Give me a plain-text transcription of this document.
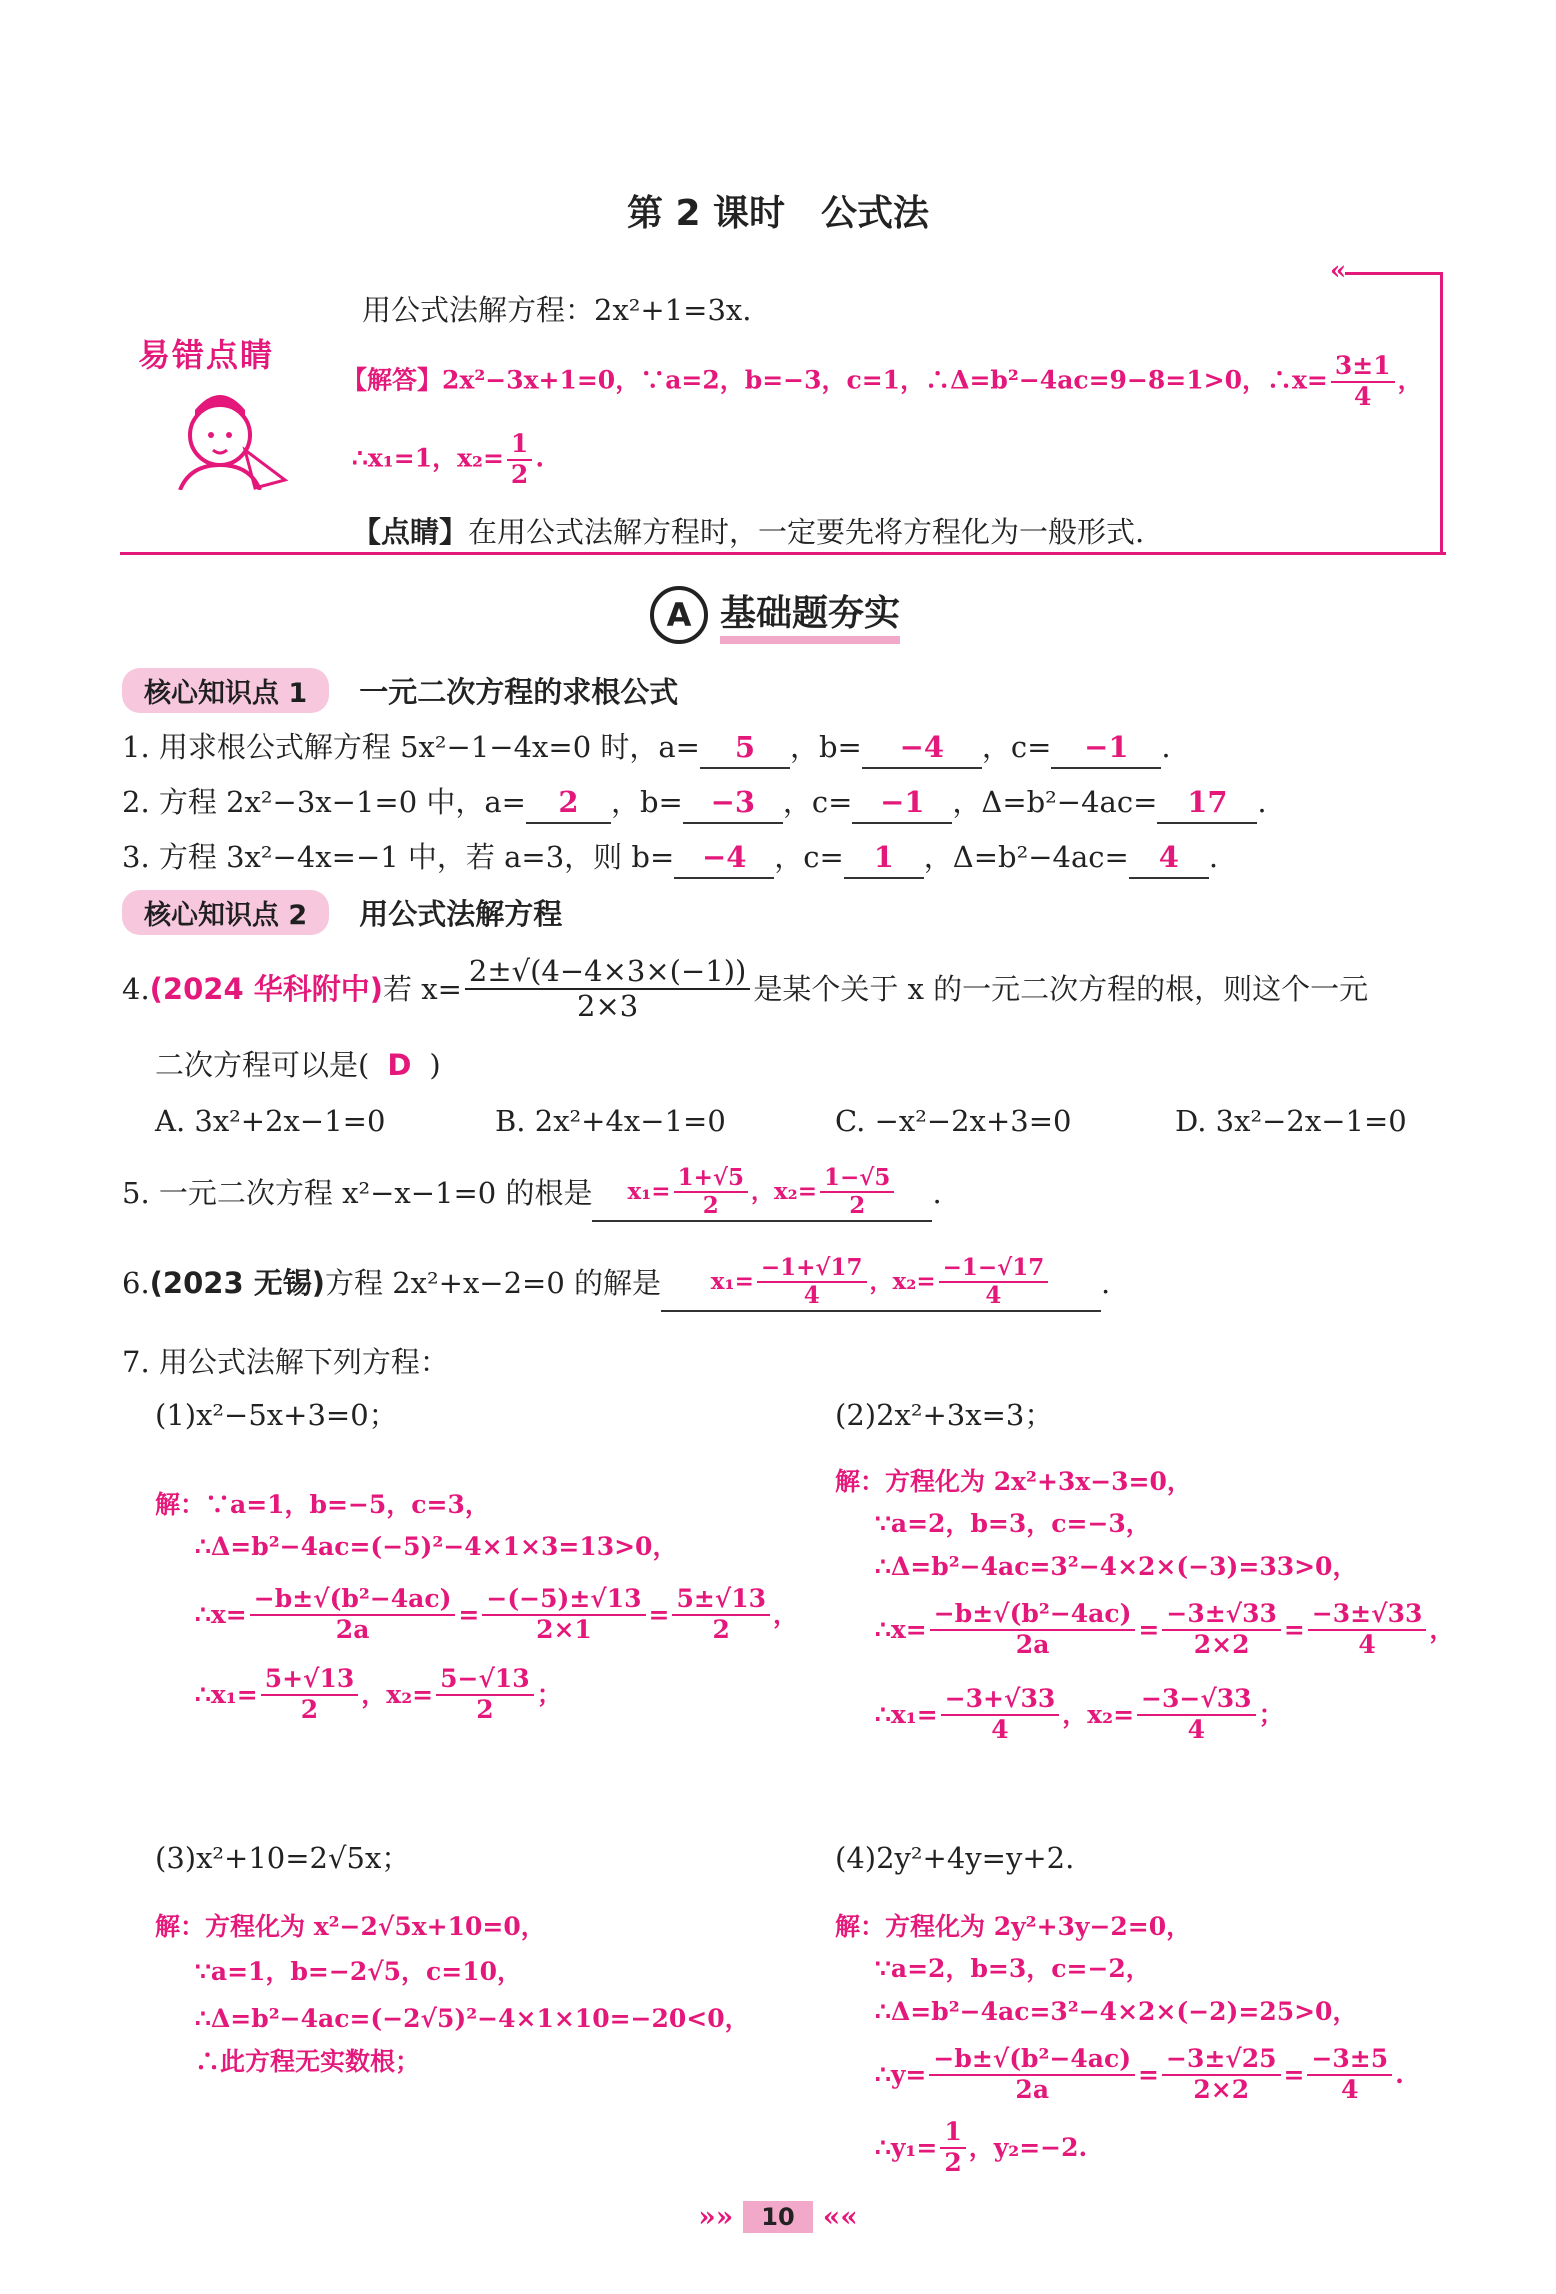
第 2 课时　公式法
«
易错点睛
用公式法解方程：2x²+1=3x.
【解答】2x²−3x+1=0，∵a=2，b=−3，c=1，∴Δ=b²−4ac=9−8=1>0，∴x= $\frac{3\pm 1}{4}$ ，
∴x₁=1，$x_2= \frac{1}{2}$ .
【点睛】在用公式法解方程时，一定要先将方程化为一般形式.
A 基础题夯实
核心知识点 1	一元二次方程的求根公式
1. 用求根公式解方程 5x²−1−4x=0 时，a= 5 ，b= −4 ，c= −1 .
2. 方程 2x²−3x−1=0 中，a= 2 ，b= −3 ，c= −1 ，Δ=b²−4ac= 17 .
3. 方程 3x²−4x=−1 中，若 a=3，则 b= −4 ，c= 1 ，Δ=b²−4ac= 4 .
核心知识点 2	用公式法解方程
4. (2024 华科附中) 若 $x= \frac{2\pm√(4-4\times 3\times(-1))}{2\times 3}$ 是某个关于 x 的一元二次方程的根，则这个一元
二次方程可以是( D )
A. 3x²+2x−1=0	B. 2x²+4x−1=0	C. −x²−2x+3=0	D. 3x²−2x−1=0
5. 一元二次方程 x²−x−1=0 的根是 $x_1= \frac{1+√5}{2}$ ，$x_2= \frac{1-√5}{2}$ .
6. (2023 无锡) 方程 2x²+x−2=0 的解是 $x_1= \frac{-1+√17}{4}$ ，$x_2= \frac{-1-√17}{4}$ .
7. 用公式法解下列方程：
(1)x²−5x+3=0；
解：∵a=1，b=−5，c=3，
∴Δ=b²−4ac=(−5)²−4×1×3=13>0，
∴x= $\frac{\text{−b±√(b²−4ac)}}{2a} = \frac{-(-5)\pm√13}{2\times 1} = \frac{5\pm√13}{2}$ ，
∴x₁= $\frac{5+√13}{2}$ ，$x_2= \frac{5-√13}{2}$ ；
(2)2x²+3x=3；
解：方程化为 2x²+3x−3=0，
∵a=2，b=3，c=−3，
∴Δ=b²−4ac=3²−4×2×(−3)=33>0，
∴x= $\frac{\text{−b±√(b²−4ac)}}{2a} = \frac{-3\pm√33}{2\times 2} = \frac{-3\pm√33}{4}$ ，
∴x₁= $\frac{-3+√33}{4}$ ，$x_2= \frac{-3-√33}{4}$ ；
(3)x²+10=2√5x；
解：方程化为 x²−2√5x+10=0，
∵a=1，b=−2√5，c=10，
∴Δ=b²−4ac=(−2√5)²−4×1×10=−20<0，
∴此方程无实数根；
(4)2y²+4y=y+2.
解：方程化为 2y²+3y−2=0，
∵a=2，b=3，c=−2，
∴Δ=b²−4ac=3²−4×2×(−2)=25>0，
∴y= $\frac{\text{−b±√(b²−4ac)}}{2a} = \frac{-3\pm√25}{2\times 2} = \frac{-3\pm 5}{4}$ .
∴y₁= $\frac{1}{2}$ ，y₂=−2.
»»	10	««
